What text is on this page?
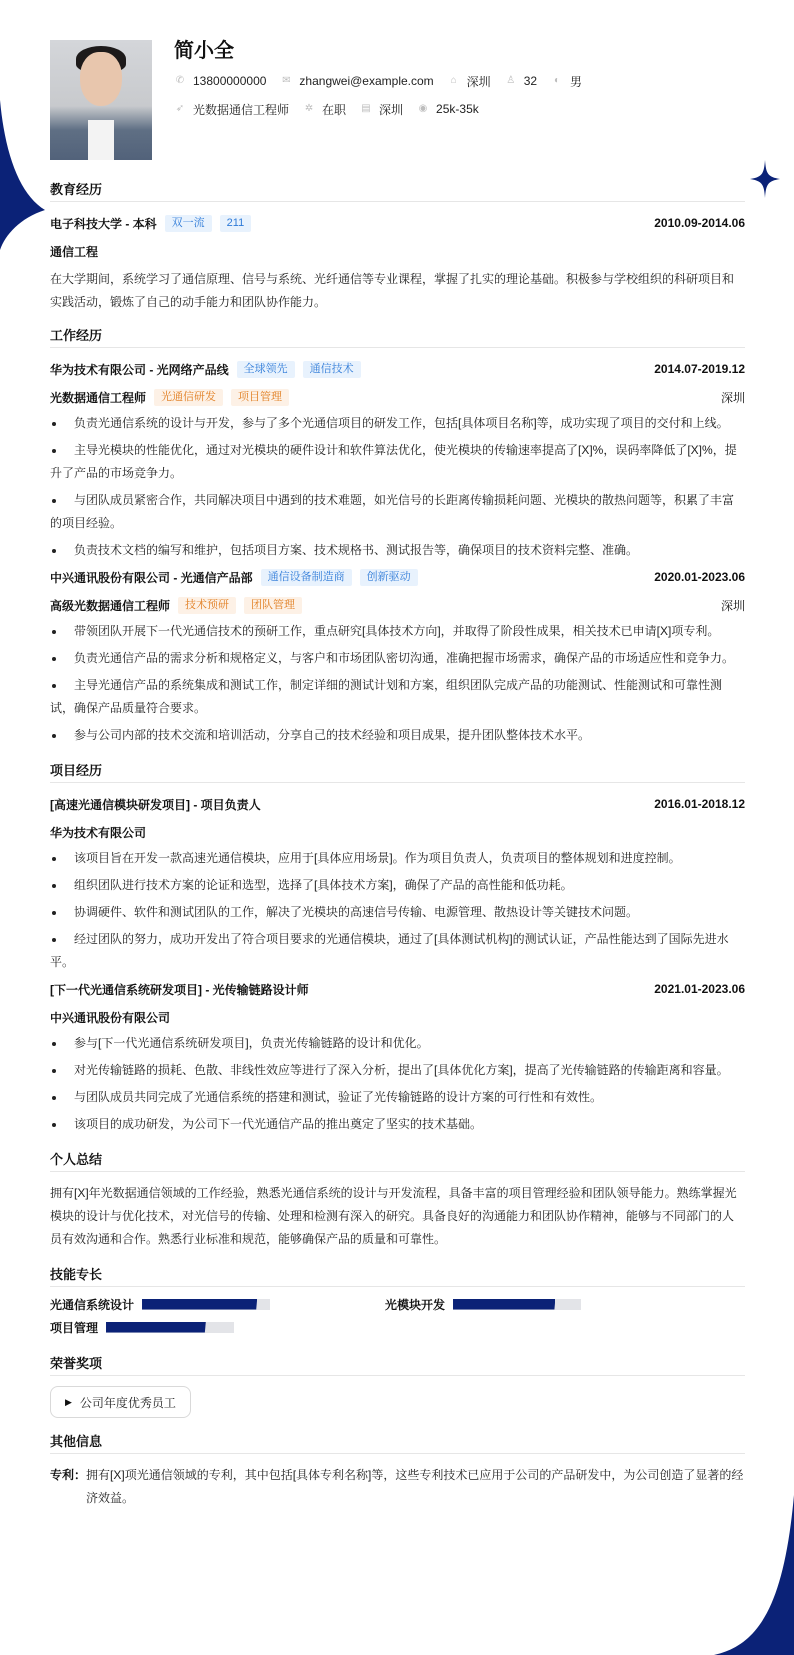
简小全
✆ 13800000000 ✉ zhangwei@example.com ⌂ 深圳 ♙ 32 ◐ 男
➶ 光数据通信工程师 ✲ 在职 ▤ 深圳 ◉ 25k-35k
教育经历
电子科技大学 - 本科	双一流	211	2010.09-2014.06
通信工程
在大学期间，系统学习了通信原理、信号与系统、光纤通信等专业课程，掌握了扎实的理论基础。积极参与学校组织的科研项目和实践活动，锻炼了自己的动手能力和团队协作能力。
工作经历
华为技术有限公司 - 光网络产品线	全球领先	通信技术	2014.07-2019.12
光数据通信工程师	光通信研发	项目管理	深圳
负责光通信系统的设计与开发，参与了多个光通信项目的研发工作，包括[具体项目名称]等，成功实现了项目的交付和上线。
主导光模块的性能优化，通过对光模块的硬件设计和软件算法优化，使光模块的传输速率提高了[X]%，误码率降低了[X]%，提升了产品的市场竞争力。
与团队成员紧密合作，共同解决项目中遇到的技术难题，如光信号的长距离传输损耗问题、光模块的散热问题等，积累了丰富的项目经验。
负责技术文档的编写和维护，包括项目方案、技术规格书、测试报告等，确保项目的技术资料完整、准确。
中兴通讯股份有限公司 - 光通信产品部	通信设备制造商	创新驱动	2020.01-2023.06
高级光数据通信工程师	技术预研	团队管理	深圳
带领团队开展下一代光通信技术的预研工作，重点研究[具体技术方向]，并取得了阶段性成果，相关技术已申请[X]项专利。
负责光通信产品的需求分析和规格定义，与客户和市场团队密切沟通，准确把握市场需求，确保产品的市场适应性和竞争力。
主导光通信产品的系统集成和测试工作，制定详细的测试计划和方案，组织团队完成产品的功能测试、性能测试和可靠性测试，确保产品质量符合要求。
参与公司内部的技术交流和培训活动，分享自己的技术经验和项目成果，提升团队整体技术水平。
项目经历
[高速光通信模块研发项目] - 项目负责人	2016.01-2018.12
华为技术有限公司
该项目旨在开发一款高速光通信模块，应用于[具体应用场景]。作为项目负责人，负责项目的整体规划和进度控制。
组织团队进行技术方案的论证和选型，选择了[具体技术方案]，确保了产品的高性能和低功耗。
协调硬件、软件和测试团队的工作，解决了光模块的高速信号传输、电源管理、散热设计等关键技术问题。
经过团队的努力，成功开发出了符合项目要求的光通信模块，通过了[具体测试机构]的测试认证，产品性能达到了国际先进水平。
[下一代光通信系统研发项目] - 光传输链路设计师	2021.01-2023.06
中兴通讯股份有限公司
参与[下一代光通信系统研发项目]，负责光传输链路的设计和优化。
对光传输链路的损耗、色散、非线性效应等进行了深入分析，提出了[具体优化方案]，提高了光传输链路的传输距离和容量。
与团队成员共同完成了光通信系统的搭建和测试，验证了光传输链路的设计方案的可行性和有效性。
该项目的成功研发，为公司下一代光通信产品的推出奠定了坚实的技术基础。
个人总结
拥有[X]年光数据通信领域的工作经验，熟悉光通信系统的设计与开发流程，具备丰富的项目管理经验和团队领导能力。熟练掌握光模块的设计与优化技术，对光信号的传输、处理和检测有深入的研究。具备良好的沟通能力和团队协作精神，能够与不同部门的人员有效沟通和合作。熟悉行业标准和规范，能够确保产品的质量和可靠性。
技能专长
光通信系统设计	光模块开发
项目管理
荣誉奖项
▶ 公司年度优秀员工
其他信息
专利： 拥有[X]项光通信领域的专利，其中包括[具体专利名称]等，这些专利技术已应用于公司的产品研发中，为公司创造了显著的经济效益。
